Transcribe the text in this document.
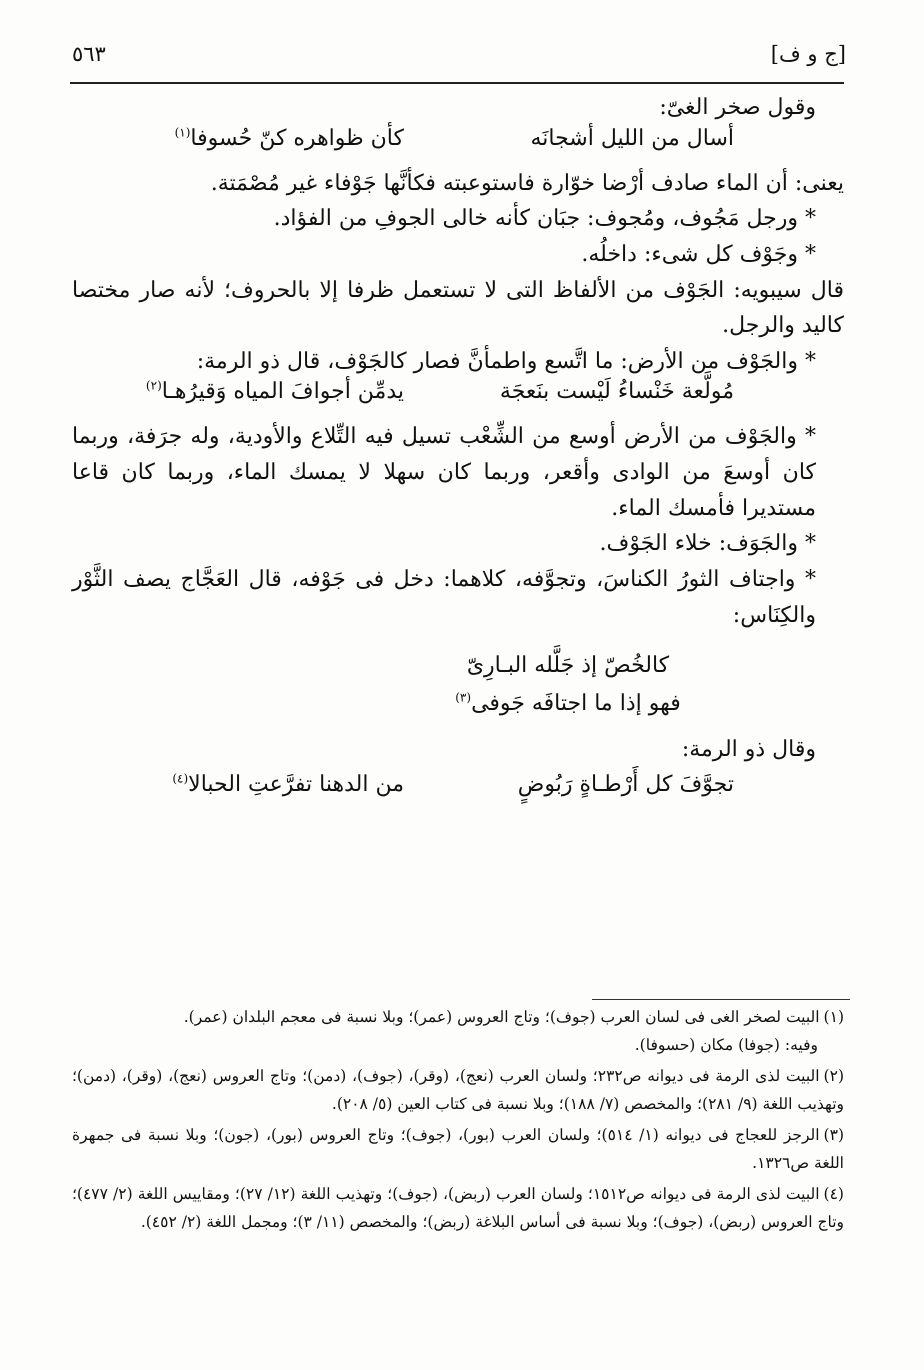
[ج و ف]
٥٦٣

وقول صخر الغىّ:

أسال من الليل أشجانَه
كأن ظواهره كنّ حُسوفا$^{(١)}$

يعنى: أن الماء صادف أرْضا خوّارة فاستوعبته فكأنَّها جَوْفاء غير مُصْمَتة.

* ورجل مَجُوف، ومُجوف: جبَان كأنه خالى الجوفِ من الفؤاد.

* وجَوْف كل شىء: داخلُه.

قال سيبويه: الجَوْف من الألفاظ التى لا تستعمل ظرفا إلا بالحروف؛ لأنه صار مختصا كاليد والرجل.

* والجَوْف من الأرض: ما اتَّسع واطمأنَّ فصار كالجَوْف، قال ذو الرمة:

مُولَّعة خَنْساءُ لَيْست بنَعجَة
يدمِّن أجوافَ المياه وَقيرُهـا$^{(٢)}$

* والجَوْف من الأرض أوسع من الشِّعْب تسيل فيه التِّلاع والأودية، وله جرَفة، وربما كان أوسعَ من الوادى وأقعر، وربما كان سهلا لا يمسك الماء، وربما كان قاعا مستديرا فأمسك الماء.

* والجَوَف: خلاء الجَوْف.

* واجتاف الثورُ الكناسَ، وتجوَّفه، كلاهما: دخل فى جَوْفه، قال العَجَّاج يصف الثَّوْر والكِنَاس:

كالخُصّ إذ جَلَّله البـارِىّ
فهو إذا ما اجتافَه جَوفى$^{(٣)}$

وقال ذو الرمة:

تجوَّفَ كل أَرْطـاةٍ رَبُوضٍ
من الدهنا تفرَّعتِ الحبالا$^{(٤)}$

(١)البيت لصخر الغى فى لسان العرب (جوف)؛ وتاج العروس (عمر)؛ وبلا نسبة فى معجم البلدان (عمر).
وفيه: (جوفا) مكان (حسوفا).

(٢)البيت لذى الرمة فى ديوانه ص٢٣٢؛ ولسان العرب (نعج)، (وقر)، (جوف)، (دمن)؛ وتاج العروس (نعج)، (وقر)، (دمن)؛ وتهذيب اللغة (٩/ ٢٨١)؛ والمخصص (٧/ ١٨٨)؛ وبلا نسبة فى كتاب العين (٥/ ٢٠٨).

(٣)الرجز للعجاج فى ديوانه (١/ ٥١٤)؛ ولسان العرب (بور)، (جوف)؛ وتاج العروس (بور)، (جون)؛ وبلا نسبة فى جمهرة اللغة ص١٣٢٦.

(٤)البيت لذى الرمة فى ديوانه ص١٥١٢؛ ولسان العرب (ربض)، (جوف)؛ وتهذيب اللغة (١٢/ ٢٧)؛ ومقاييس اللغة (٢/ ٤٧٧)؛ وتاج العروس (ربض)، (جوف)؛ وبلا نسبة فى أساس البلاغة (ربض)؛ والمخصص (١١/ ٣)؛ ومجمل اللغة (٢/ ٤٥٢).
